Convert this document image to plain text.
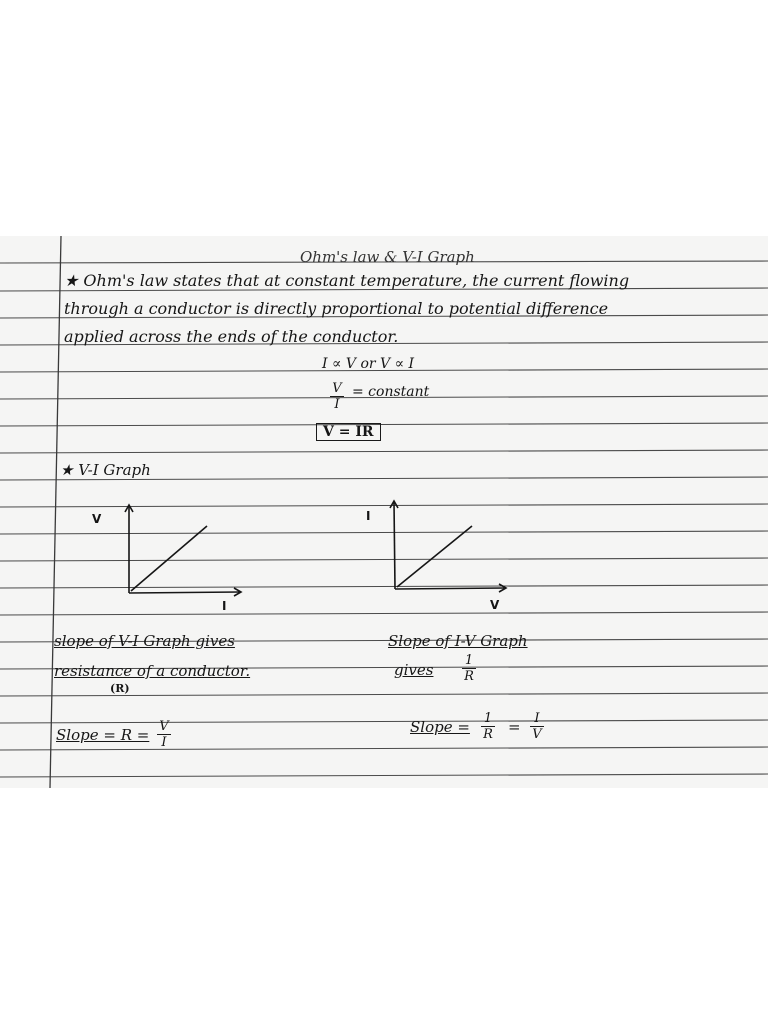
Ohm's law & V-I Graph
★ Ohm's law states that at constant temperature, the current flowing
through a conductor is directly proportional to potential difference
applied across the ends of the conductor.
I ∝ V or V ∝ I
V
I
= constant
V = IR
★ V-I Graph
V
I
I
V
slope of V-I Graph gives
resistance of a conductor.
(R)
Slope of I-V Graph
gives
1
R
Slope = R = V
I
Slope = 1
R = I
V
